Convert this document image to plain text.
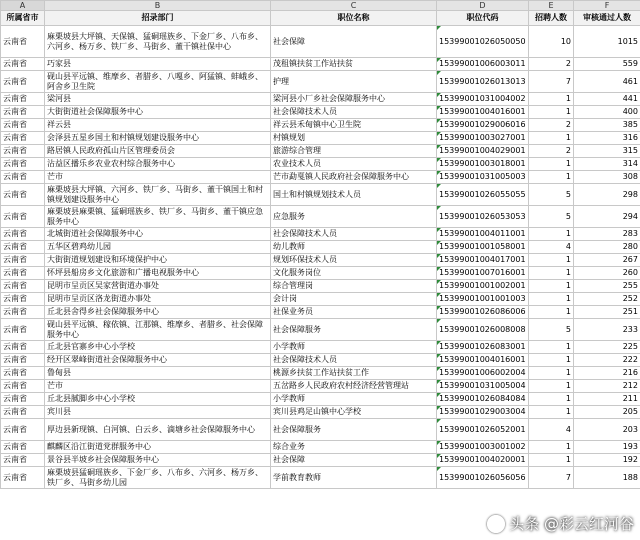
A	B	C	D	E	F
所属省市	招录部门	职位名称	职位代码	招聘人数	审核通过人数
云南省	麻栗坡县大坪镇、天保镇、猛硐瑶族乡、下金厂乡、八布乡、六河乡、杨万乡、铁厂乡、马街乡、董干镇社保中心	社会保障	15399001026050050	10	1015
云南省	巧家县	茂租镇扶贫工作站扶贫	15399001006003011	2	559
云南省	砚山县平远镇、维摩乡、者腊乡、八嘎乡、阿猛镇、蚌峨乡、阿舍乡卫生院	护理	15399001026013013	7	461
云南省	梁河县	梁河县小厂乡社会保障服务中心	15399001031004002	1	441
云南省	大街街道社会保障服务中心	社会保障技术人员	15399001004016001	1	400
云南省	祥云县	祥云县禾甸镇中心卫生院	15399001029006016	2	385
云南省	会泽县五星乡国土和村镇规划建设服务中心	村镇规划	15399001003027001	1	316
云南省	路居镇人民政府孤山片区管理委员会	旅游综合管理	15399001004029001	2	315
云南省	沾益区播乐乡农业农村综合服务中心	农业技术人员	15399001003018001	1	314
云南省	芒市	芒市勐戛镇人民政府社会保障服务中心	15399001031005003	1	308
云南省	麻栗坡县大坪镇、六河乡、铁厂乡、马街乡、董干镇国土和村镇规划建设服务中心	国土和村镇规划技术人员	15399001026055055	5	298
云南省	麻栗坡县麻栗镇、猛硐瑶族乡、铁厂乡、马街乡、董干镇应急服务中心	应急服务	15399001026053053	5	294
云南省	北城街道社会保障服务中心	社会保障技术人员	15399001004011001	1	283
云南省	五华区碧鸡幼儿园	幼儿教师	15399001001058001	4	280
云南省	大街街道规划建设和环境保护中心	规划环保技术人员	15399001004017001	1	267
云南省	怀坪县船房乡文化旅游和广播电视服务中心	文化服务岗位	15399001007016001	1	260
云南省	昆明市呈贡区吴家营街道办事处	综合管理岗	15399001001002001	1	255
云南省	昆明市呈贡区洛龙街道办事处	会计岗	15399001001001003	1	252
云南省	丘北县舍得乡社会保障服务中心	社保业务员	15399001026086006	1	251
云南省	砚山县平远镇、稼依镇、江那镇、维摩乡、者腊乡、社会保障服务中心	社会保障服务	15399001026008008	5	233
云南省	丘北县官寨乡中心小学校	小学教师	15399001026083001	1	225
云南省	经开区翠峰街道社会保障服务中心	社会保障技术人员	15399001004016001	1	222
云南省	鲁甸县	桃源乡扶贫工作站扶贫工作	15399001006002004	1	216
云南省	芒市	五岔路乡人民政府农村经济经营管理站	15399001031005004	1	212
云南省	丘北县腻脚乡中心小学校	小学教师	15399001026084084	1	211
云南省	宾川县	宾川县鸡足山镇中心学校	15399001029003004	1	205
云南省	厚边县新现镇、白河镇、白云乡、滴塘乡社会保障服务中心	社会保障服务	15399001026052001	4	203
云南省	麒麟区沿江街道党群服务中心	综合业务	15399001003001002	1	193
云南省	景谷县半坡乡社会保障服务中心	社会保障	15399001004020001	1	192
云南省	麻栗坡县猛硐瑶族乡、下金厂乡、八布乡、六河乡、杨万乡、铁厂乡、马街乡幼儿园	学前教育教师	15399001026056056	7	188
头条 @彩云红河谷
